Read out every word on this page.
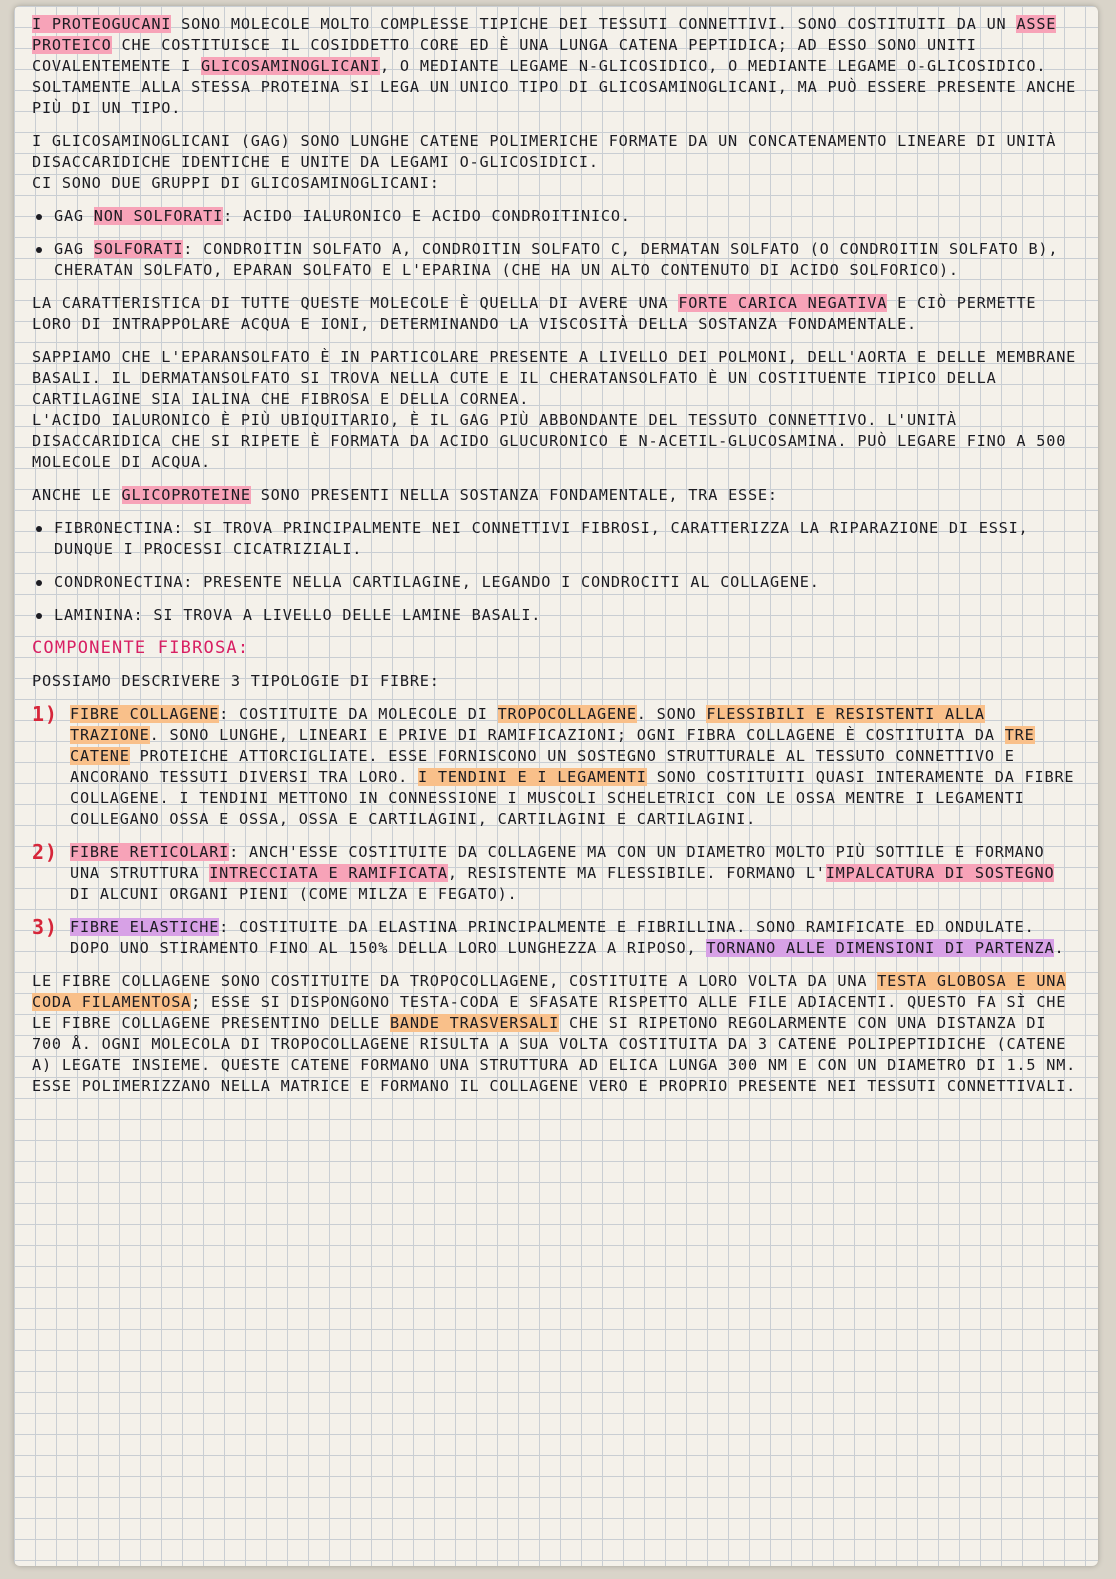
I PROTEOGUCANI SONO MOLECOLE MOLTO COMPLESSE TIPICHE DEI TESSUTI CONNETTIVI. SONO COSTITUITI DA UN ASSE PROTEICO CHE COSTITUISCE IL COSIDDETTO CORE ED È UNA LUNGA CATENA PEPTIDICA; AD ESSO SONO UNITI COVALENTEMENTE I GLICOSAMINOGLICANI, O MEDIANTE LEGAME N-GLICOSIDICO, O MEDIANTE LEGAME O-GLICOSIDICO. SOLTAMENTE ALLA STESSA PROTEINA SI LEGA UN UNICO TIPO DI GLICOSAMINOGLICANI, MA PUÒ ESSERE PRESENTE ANCHE PIÙ DI UN TIPO.

I GLICOSAMINOGLICANI (GAG) SONO LUNGHE CATENE POLIMERICHE FORMATE DA UN CONCATENAMENTO LINEARE DI UNITÀ DISACCARIDICHE IDENTICHE E UNITE DA LEGAMI O-GLICOSIDICI.
CI SONO DUE GRUPPI DI GLICOSAMINOGLICANI:

GAG NON SOLFORATI: ACIDO IALURONICO E ACIDO CONDROITINICO.
GAG SOLFORATI: CONDROITIN SOLFATO A, CONDROITIN SOLFATO C, DERMATAN SOLFATO (O CONDROITIN SOLFATO B), CHERATAN SOLFATO, EPARAN SOLFATO E L'EPARINA (CHE HA UN ALTO CONTENUTO DI ACIDO SOLFORICO).

LA CARATTERISTICA DI TUTTE QUESTE MOLECOLE È QUELLA DI AVERE UNA FORTE CARICA NEGATIVA E CIÒ PERMETTE LORO DI INTRAPPOLARE ACQUA E IONI, DETERMINANDO LA VISCOSITÀ DELLA SOSTANZA FONDAMENTALE.

SAPPIAMO CHE L'EPARANSOLFATO È IN PARTICOLARE PRESENTE A LIVELLO DEI POLMONI, DELL'AORTA E DELLE MEMBRANE BASALI. IL DERMATANSOLFATO SI TROVA NELLA CUTE E IL CHERATANSOLFATO È UN COSTITUENTE TIPICO DELLA CARTILAGINE SIA IALINA CHE FIBROSA E DELLA CORNEA.
L'ACIDO IALURONICO È PIÙ UBIQUITARIO, È IL GAG PIÙ ABBONDANTE DEL TESSUTO CONNETTIVO. L'UNITÀ DISACCARIDICA CHE SI RIPETE È FORMATA DA ACIDO GLUCURONICO E N-ACETIL-GLUCOSAMINA. PUÒ LEGARE FINO A 500 MOLECOLE DI ACQUA.

ANCHE LE GLICOPROTEINE SONO PRESENTI NELLA SOSTANZA FONDAMENTALE, TRA ESSE:

FIBRONECTINA: SI TROVA PRINCIPALMENTE NEI CONNETTIVI FIBROSI, CARATTERIZZA LA RIPARAZIONE DI ESSI, DUNQUE I PROCESSI CICATRIZIALI.
CONDRONECTINA: PRESENTE NELLA CARTILAGINE, LEGANDO I CONDROCITI AL COLLAGENE.
LAMININA: SI TROVA A LIVELLO DELLE LAMINE BASALI.
COMPONENTE FIBROSA:

POSSIAMO DESCRIVERE 3 TIPOLOGIE DI FIBRE:

1) FIBRE COLLAGENE: COSTITUITE DA MOLECOLE DI TROPOCOLLAGENE. SONO FLESSIBILI E RESISTENTI ALLA TRAZIONE. SONO LUNGHE, LINEARI E PRIVE DI RAMIFICAZIONI; OGNI FIBRA COLLAGENE È COSTITUITA DA TRE CATENE PROTEICHE ATTORCIGLIATE. ESSE FORNISCONO UN SOSTEGNO STRUTTURALE AL TESSUTO CONNETTIVO E ANCORANO TESSUTI DIVERSI TRA LORO. I TENDINI E I LEGAMENTI SONO COSTITUITI QUASI INTERAMENTE DA FIBRE COLLAGENE. I TENDINI METTONO IN CONNESSIONE I MUSCOLI SCHELETRICI CON LE OSSA MENTRE I LEGAMENTI COLLEGANO OSSA E OSSA, OSSA E CARTILAGINI, CARTILAGINI E CARTILAGINI.
2) FIBRE RETICOLARI: ANCH'ESSE COSTITUITE DA COLLAGENE MA CON UN DIAMETRO MOLTO PIÙ SOTTILE E FORMANO UNA STRUTTURA INTRECCIATA E RAMIFICATA, RESISTENTE MA FLESSIBILE. FORMANO L'IMPALCATURA DI SOSTEGNO DI ALCUNI ORGANI PIENI (COME MILZA E FEGATO).
3) FIBRE ELASTICHE: COSTITUITE DA ELASTINA PRINCIPALMENTE E FIBRILLINA. SONO RAMIFICATE ED ONDULATE. DOPO UNO STIRAMENTO FINO AL 150% DELLA LORO LUNGHEZZA A RIPOSO, TORNANO ALLE DIMENSIONI DI PARTENZA.

LE FIBRE COLLAGENE SONO COSTITUITE DA TROPOCOLLAGENE, COSTITUITE A LORO VOLTA DA UNA TESTA GLOBOSA E UNA CODA FILAMENTOSA; ESSE SI DISPONGONO TESTA-CODA E SFASATE RISPETTO ALLE FILE ADIACENTI. QUESTO FA SÌ CHE LE FIBRE COLLAGENE PRESENTINO DELLE BANDE TRASVERSALI CHE SI RIPETONO REGOLARMENTE CON UNA DISTANZA DI 700 Å. OGNI MOLECOLA DI TROPOCOLLAGENE RISULTA A SUA VOLTA COSTITUITA DA 3 CATENE POLIPEPTIDICHE (CATENE Α) LEGATE INSIEME. QUESTE CATENE FORMANO UNA STRUTTURA AD ELICA LUNGA 300 NM E CON UN DIAMETRO DI 1.5 NM. ESSE POLIMERIZZANO NELLA MATRICE E FORMANO IL COLLAGENE VERO E PROPRIO PRESENTE NEI TESSUTI CONNETTIVALI.
